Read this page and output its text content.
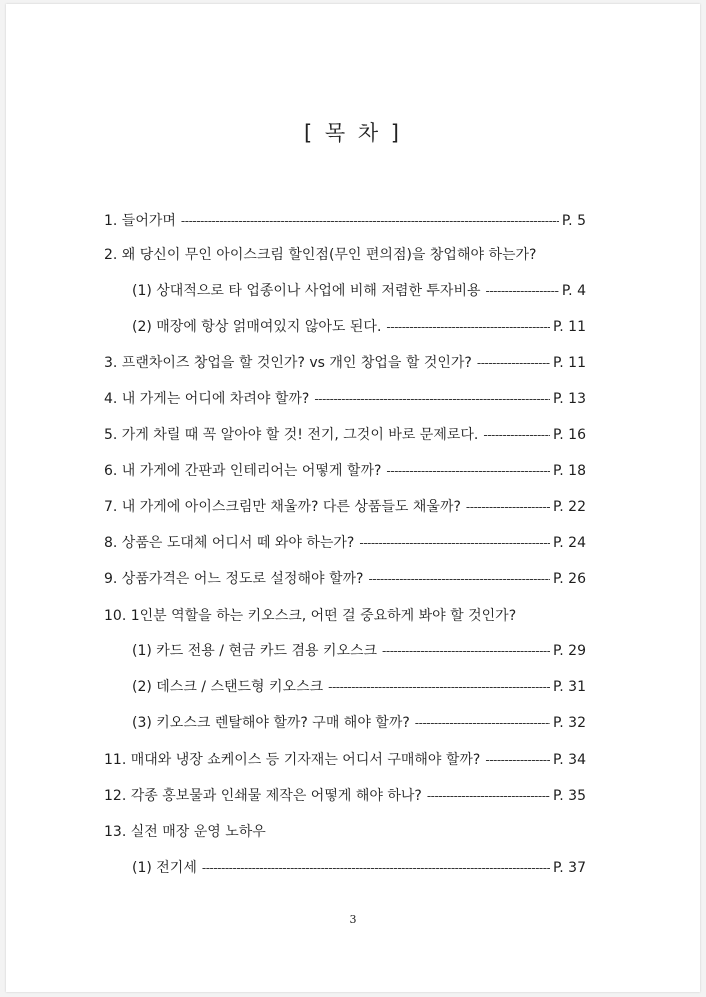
[ 목 차 ]
1. 들어가며 -----	P. 5
2. 왜 당신이 무인 아이스크림 할인점(무인 편의점)을 창업해야 하는가?
(1) 상대적으로 타 업종이나 사업에 비해 저렴한 투자비용 -----	P. 4
(2) 매장에 항상 얽매여있지 않아도 된다. -----	P. 11
3. 프랜차이즈 창업을 할 것인가? vs 개인 창업을 할 것인가? -----	P. 11
4. 내 가게는 어디에 차려야 할까? -----	P. 13
5. 가게 차릴 때 꼭 알아야 할 것! 전기, 그것이 바로 문제로다. -----	P. 16
6. 내 가게에 간판과 인테리어는 어떻게 할까? -----	P. 18
7. 내 가게에 아이스크림만 채울까? 다른 상품들도 채울까? -----	P. 22
8. 상품은 도대체 어디서 떼 와야 하는가? -----	P. 24
9. 상품가격은 어느 정도로 설정해야 할까? -----	P. 26
10. 1인분 역할을 하는 키오스크, 어떤 걸 중요하게 봐야 할 것인가?
(1) 카드 전용 / 현금 카드 겸용 키오스크 -----	P. 29
(2) 데스크 / 스탠드형 키오스크 -----	P. 31
(3) 키오스크 렌탈해야 할까? 구매 해야 할까? -----	P. 32
11. 매대와 냉장 쇼케이스 등 기자재는 어디서 구매해야 할까? -----	P. 34
12. 각종 홍보물과 인쇄물 제작은 어떻게 해야 하나? -----	P. 35
13. 실전 매장 운영 노하우
(1) 전기세 -----	P. 37
3
